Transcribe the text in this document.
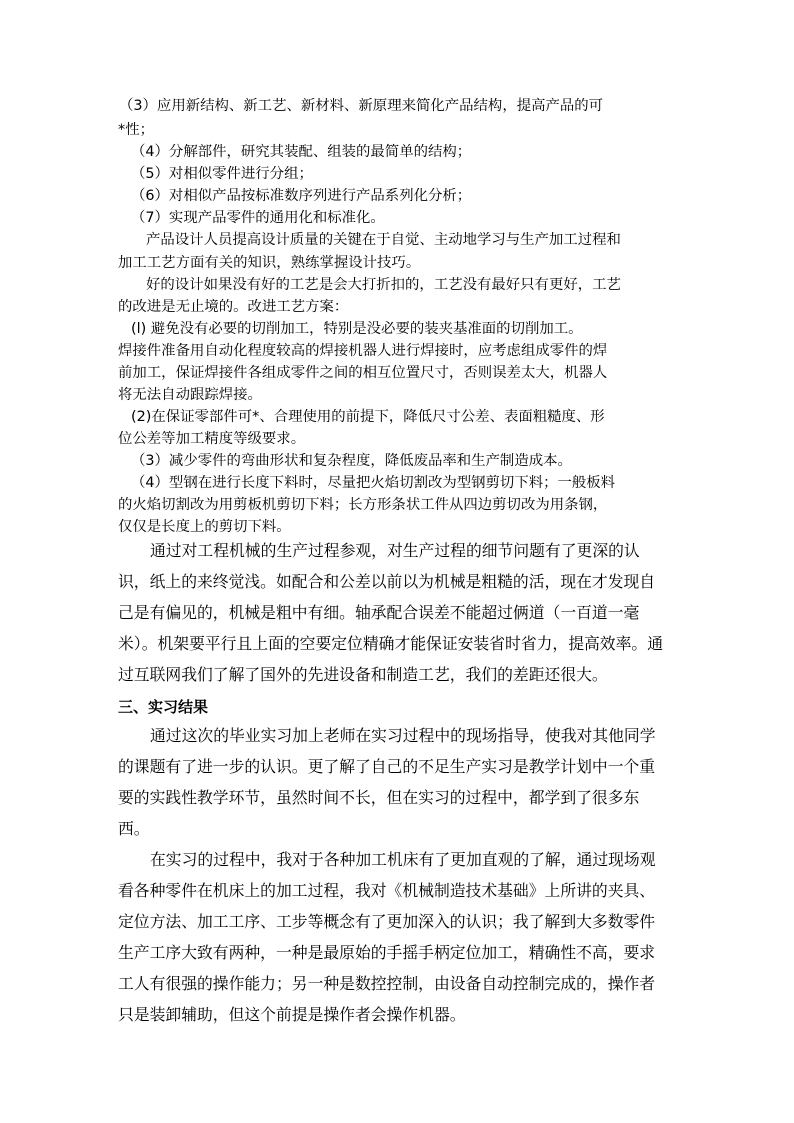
（3）应用新结构、新工艺、新材料、新原理来简化产品结构，提高产品的可
*性；
（4）分解部件，研究其装配、组装的最简单的结构；
（5）对相似零件进行分组；
（6）对相似产品按标准数序列进行产品系列化分析；
（7）实现产品零件的通用化和标准化。
产品设计人员提高设计质量的关键在于自觉、主动地学习与生产加工过程和
加工工艺方面有关的知识，熟练掌握设计技巧。
好的设计如果没有好的工艺是会大打折扣的，工艺没有最好只有更好，工艺
的改进是无止境的。改进工艺方案：
(l) 避免没有必要的切削加工，特别是没必要的装夹基准面的切削加工。
焊接件准备用自动化程度较高的焊接机器人进行焊接时，应考虑组成零件的焊
前加工，保证焊接件各组成零件之间的相互位置尺寸，否则误差太大，机器人
将无法自动跟踪焊接。
(2)在保证零部件可*、合理使用的前提下，降低尺寸公差、表面粗糙度、形
位公差等加工精度等级要求。
（3）减少零件的弯曲形状和复杂程度，降低废品率和生产制造成本。
（4）型钢在进行长度下料时，尽量把火焰切割改为型钢剪切下料；一般板料
的火焰切割改为用剪板机剪切下料；长方形条状工件从四边剪切改为用条钢，
仅仅是长度上的剪切下料。
通过对工程机械的生产过程参观，对生产过程的细节问题有了更深的认
识，纸上的来终觉浅。如配合和公差以前以为机械是粗糙的活，现在才发现自
己是有偏见的，机械是粗中有细。轴承配合误差不能超过俩道（一百道一毫
米）。机架要平行且上面的空要定位精确才能保证安装省时省力，提高效率。通
过互联网我们了解了国外的先进设备和制造工艺，我们的差距还很大。
三、实习结果
通过这次的毕业实习加上老师在实习过程中的现场指导，使我对其他同学
的课题有了进一步的认识。更了解了自己的不足生产实习是教学计划中一个重
要的实践性教学环节，虽然时间不长，但在实习的过程中，都学到了很多东
西。
在实习的过程中，我对于各种加工机床有了更加直观的了解，通过现场观
看各种零件在机床上的加工过程，我对《机械制造技术基础》上所讲的夹具、
定位方法、加工工序、工步等概念有了更加深入的认识；我了解到大多数零件
生产工序大致有两种，一种是最原始的手摇手柄定位加工，精确性不高，要求
工人有很强的操作能力；另一种是数控控制，由设备自动控制完成的，操作者
只是装卸辅助，但这个前提是操作者会操作机器。
